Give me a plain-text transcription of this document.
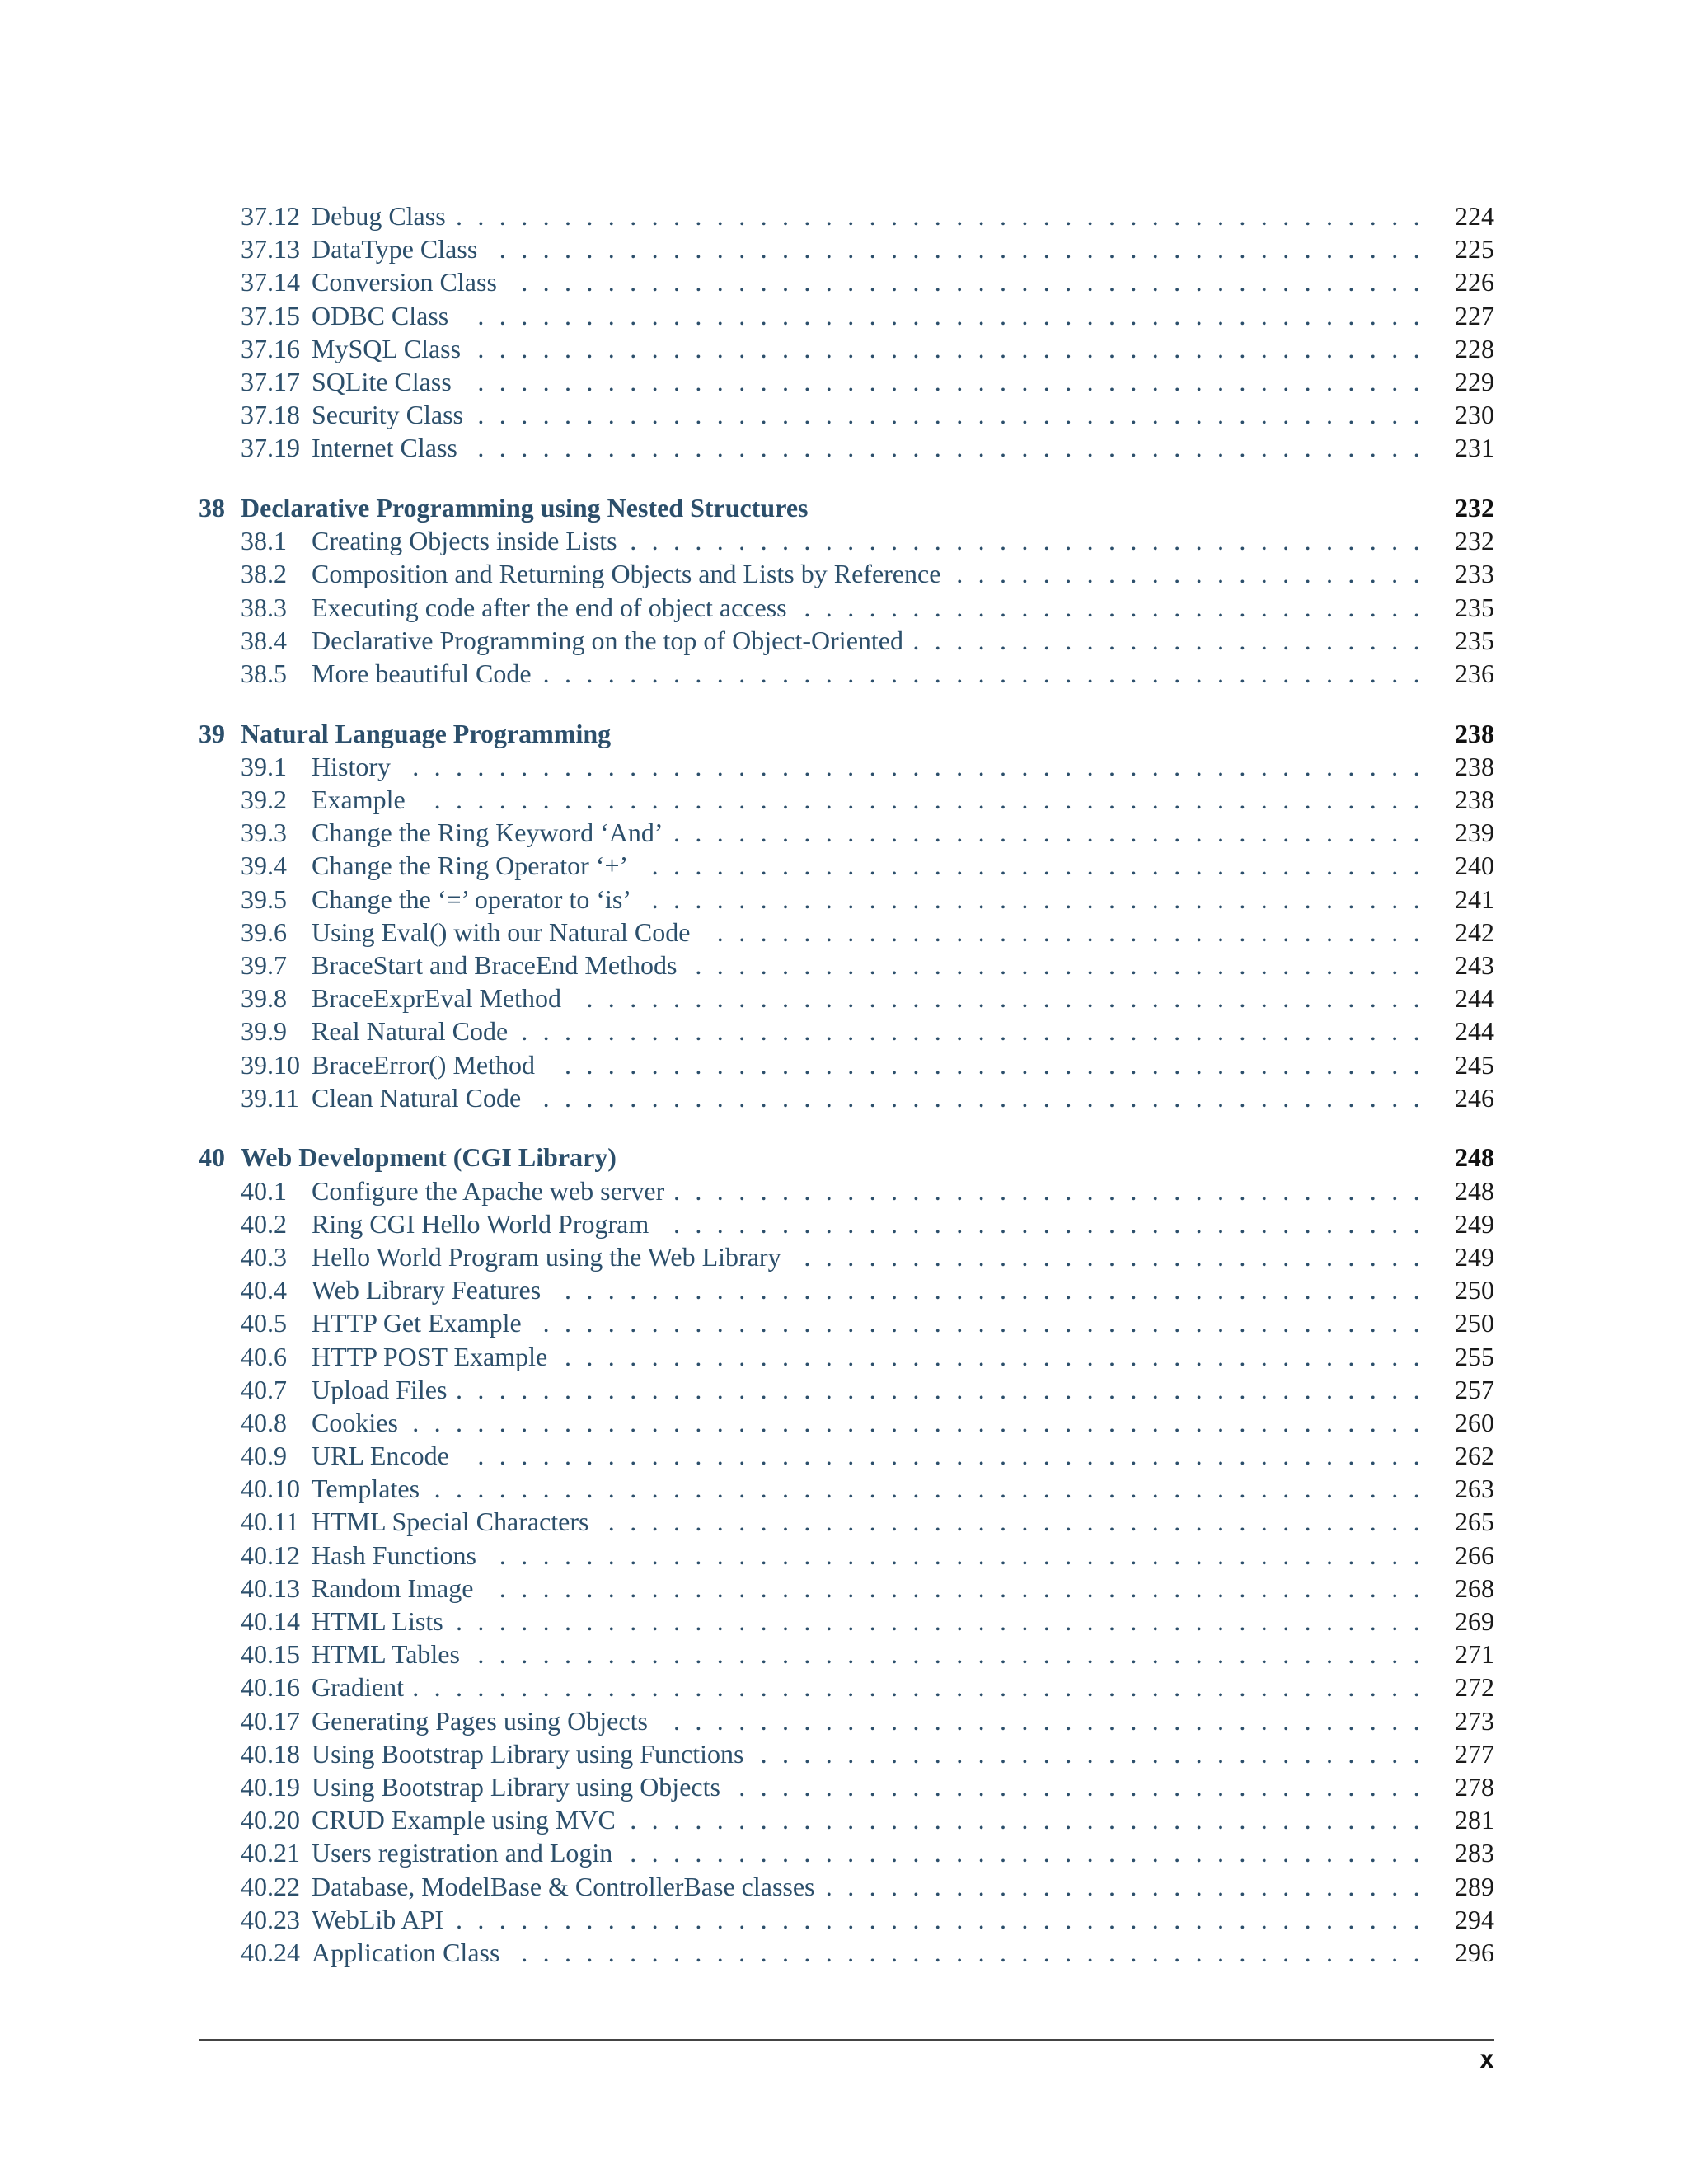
37.12 Debug Class ............................................. 224
37.13 DataType Class ........................................... 225
37.14 Conversion Class .......................................... 226
37.15 ODBC Class ............................................ 227
37.16 MySQL Class ............................................ 228
37.17 SQLite Class ............................................ 229
37.18 Security Class ............................................ 230
37.19 Internet Class ............................................ 231
38 Declarative Programming using Nested Structures	232
38.1 Creating Objects inside Lists ..................................... 232
38.2 Composition and Returning Objects and Lists by Reference ...................... 233
38.3 Executing code after the end of object access ............................. 235
38.4 Declarative Programming on the top of Object-Oriented ........................ 235
38.5 More beautiful Code ......................................... 236
39 Natural Language Programming	238
39.1 History ............................................... 238
39.2 Example .............................................. 238
39.3 Change the Ring Keyword ‘And’ ................................... 239
39.4 Change the Ring Operator ‘+’ .................................... 240
39.5 Change the ‘=’ operator to ‘is’ .................................... 241
39.6 Using Eval() with our Natural Code ................................. 242
39.7 BraceStart and BraceEnd Methods .................................. 243
39.8 BraceExprEval Method ....................................... 244
39.9 Real Natural Code .......................................... 244
39.10 BraceError() Method ........................................ 245
39.11 Clean Natural Code ......................................... 246
40 Web Development (CGI Library)	248
40.1 Configure the Apache web server ................................... 248
40.2 Ring CGI Hello World Program ................................... 249
40.3 Hello World Program using the Web Library ............................. 249
40.4 Web Library Features ........................................ 250
40.5 HTTP Get Example ......................................... 250
40.6 HTTP POST Example ........................................ 255
40.7 Upload Files ............................................. 257
40.8 Cookies ............................................... 260
40.9 URL Encode ............................................ 262
40.10 Templates .............................................. 263
40.11 HTML Special Characters ...................................... 265
40.12 Hash Functions ........................................... 266
40.13 Random Image ........................................... 268
40.14 HTML Lists ............................................. 269
40.15 HTML Tables ............................................ 271
40.16 Gradient ............................................... 272
40.17 Generating Pages using Objects ................................... 273
40.18 Using Bootstrap Library using Functions ............................... 277
40.19 Using Bootstrap Library using Objects ................................ 278
40.20 CRUD Example using MVC ..................................... 281
40.21 Users registration and Login ..................................... 283
40.22 Database, ModelBase & ControllerBase classes ............................ 289
40.23 WebLib API ............................................. 294
40.24 Application Class .......................................... 296
x
